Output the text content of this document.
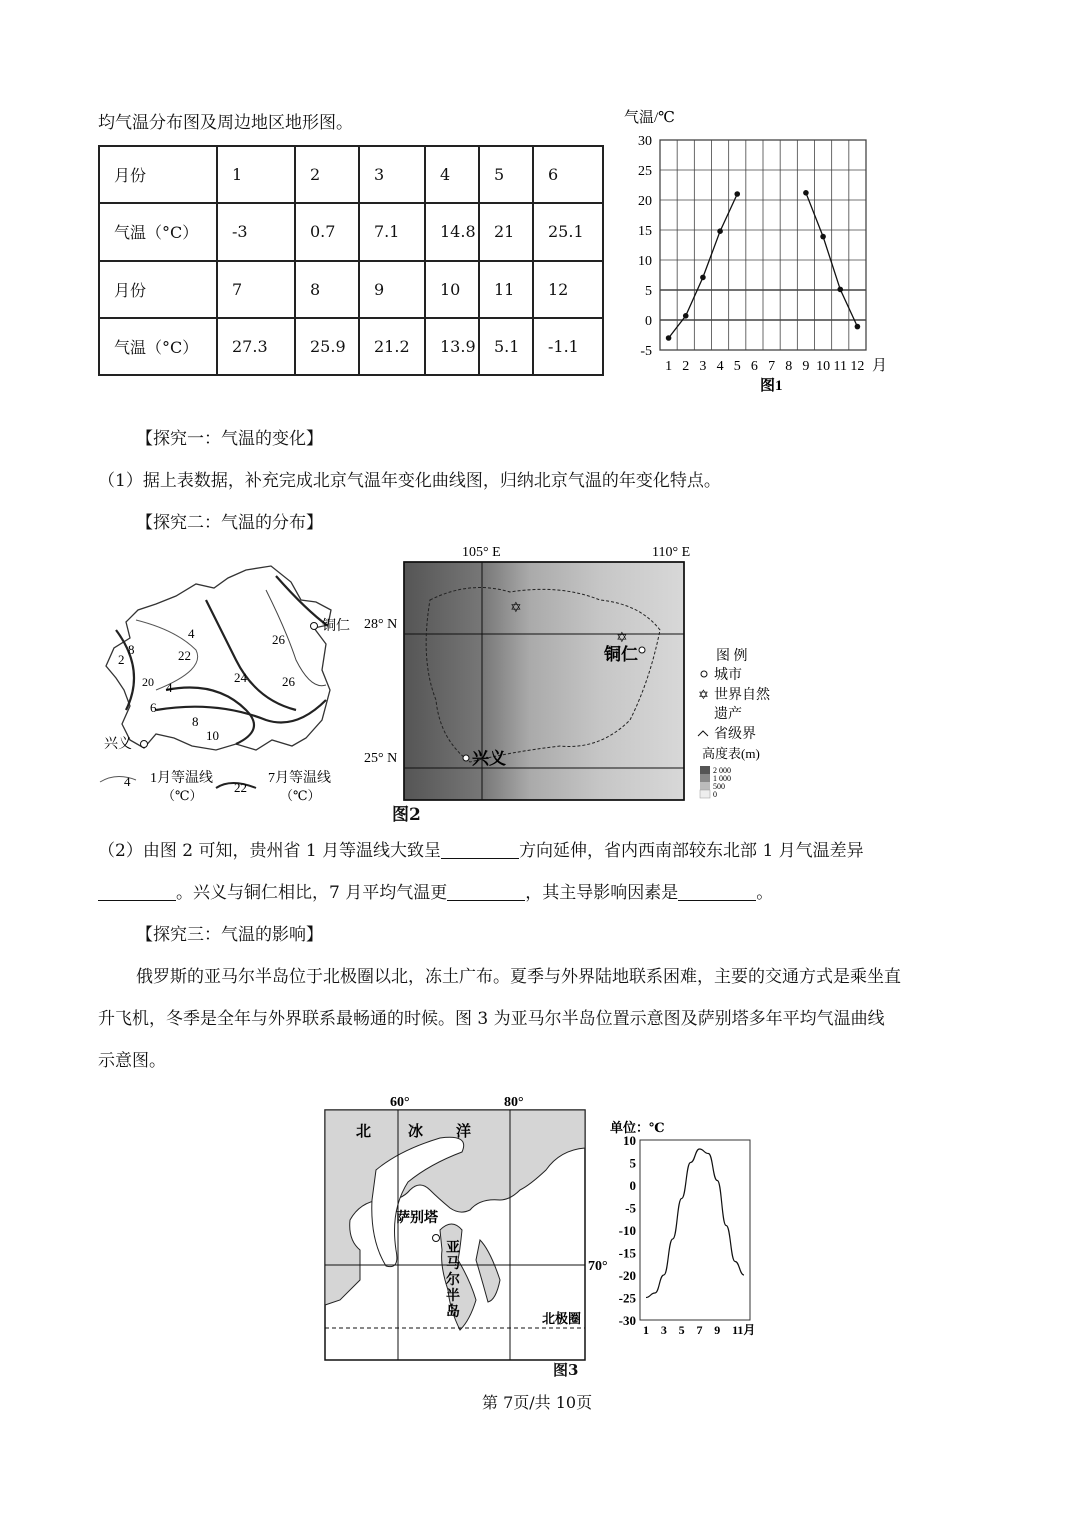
均气温分布图及周边地区地形图。
月份	1	2	3	4	5	6
气温（°C）	-3	0.7	7.1	14.8	21	25.1
月份	7	8	9	10	11	12
气温（°C）	27.3	25.9	21.2	13.9	5.1	-1.1
气温/℃
30
25
20
15
10
5
0
-5
1 2 3 4 5 6 7 8 9 10 11 12 月
图1
【探究一：气温的变化】
（1）据上表数据，补充完成北京气温年变化曲线图，归纳北京气温的年变化特点。
【探究二：气温的分布】
铜仁
兴义
4
2
8
20 4
6
8
10
22
24
26
26
4 1月等温线
（℃）
22
7月等温线
（℃）
105° E	110° E
28° N
25° N
✡
✡
铜仁
兴义
图 例
城市
✡ 世界自然
遗产
省级界
高度表(m)
2 000
1 000
500
0
图2
（2）由图 2 可知，贵州省 1 月等温线大致呈	方向延伸，省内西南部较东北部 1 月气温差异
。兴义与铜仁相比，7 月平均气温更	，其主导影响因素是	。
【探究三：气温的影响】
俄罗斯的亚马尔半岛位于北极圈以北，冻土广布。夏季与外界陆地联系困难，主要的交通方式是乘坐直
升飞机，冬季是全年与外界联系最畅通的时候。图 3 为亚马尔半岛位置示意图及萨别塔多年平均气温曲线
示意图。
60°	80°
70°
北 冰 洋
萨别塔
亚
马
尔
半
岛	北极圈
单位：℃
10
5
0
-5
-10
-15
-20
-25
-30
1 3 5 7 9 11月
图3
第 7页/共 10页
